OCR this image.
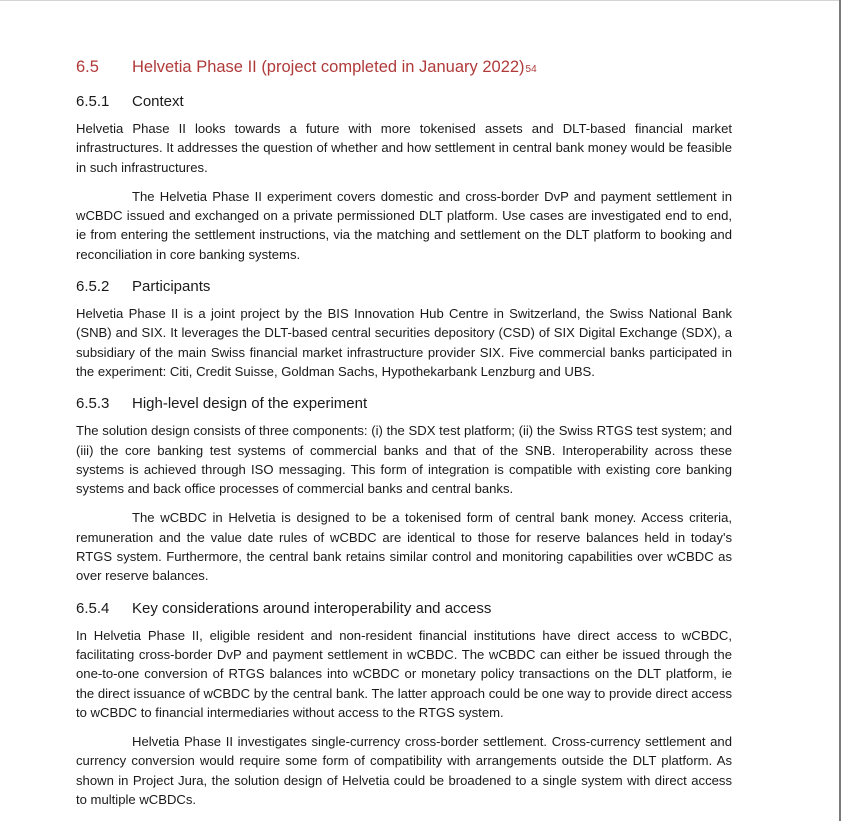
6.5	Helvetia Phase II (project completed in January 2022) 54
6.5.1	Context

Helvetia Phase II looks towards a future with more tokenised assets and DLT-based financial market infrastructures. It addresses the question of whether and how settlement in central bank money would be feasible in such infrastructures.

The Helvetia Phase II experiment covers domestic and cross-border DvP and payment settlement in wCBDC issued and exchanged on a private permissioned DLT platform. Use cases are investigated end to end, ie from entering the settlement instructions, via the matching and settlement on the DLT platform to booking and reconciliation in core banking systems.

6.5.2	Participants

Helvetia Phase II is a joint project by the BIS Innovation Hub Centre in Switzerland, the Swiss National Bank (SNB) and SIX. It leverages the DLT-based central securities depository (CSD) of SIX Digital Exchange (SDX), a subsidiary of the main Swiss financial market infrastructure provider SIX. Five commercial banks participated in the experiment: Citi, Credit Suisse, Goldman Sachs, Hypothekarbank Lenzburg and UBS.

6.5.3	High-level design of the experiment

The solution design consists of three components: (i) the SDX test platform; (ii) the Swiss RTGS test system; and (iii) the core banking test systems of commercial banks and that of the SNB. Interoperability across these systems is achieved through ISO messaging. This form of integration is compatible with existing core banking systems and back office processes of commercial banks and central banks.

The wCBDC in Helvetia is designed to be a tokenised form of central bank money. Access criteria, remuneration and the value date rules of wCBDC are identical to those for reserve balances held in today's RTGS system. Furthermore, the central bank retains similar control and monitoring capabilities over wCBDC as over reserve balances.

6.5.4	Key considerations around interoperability and access

In Helvetia Phase II, eligible resident and non-resident financial institutions have direct access to wCBDC, facilitating cross-border DvP and payment settlement in wCBDC. The wCBDC can either be issued through the one-to-one conversion of RTGS balances into wCBDC or monetary policy transactions on the DLT platform, ie the direct issuance of wCBDC by the central bank. The latter approach could be one way to provide direct access to wCBDC to financial intermediaries without access to the RTGS system.

Helvetia Phase II investigates single-currency cross-border settlement. Cross-currency settlement and currency conversion would require some form of compatibility with arrangements outside the DLT platform. As shown in Project Jura, the solution design of Helvetia could be broadened to a single system with direct access to multiple wCBDCs.
